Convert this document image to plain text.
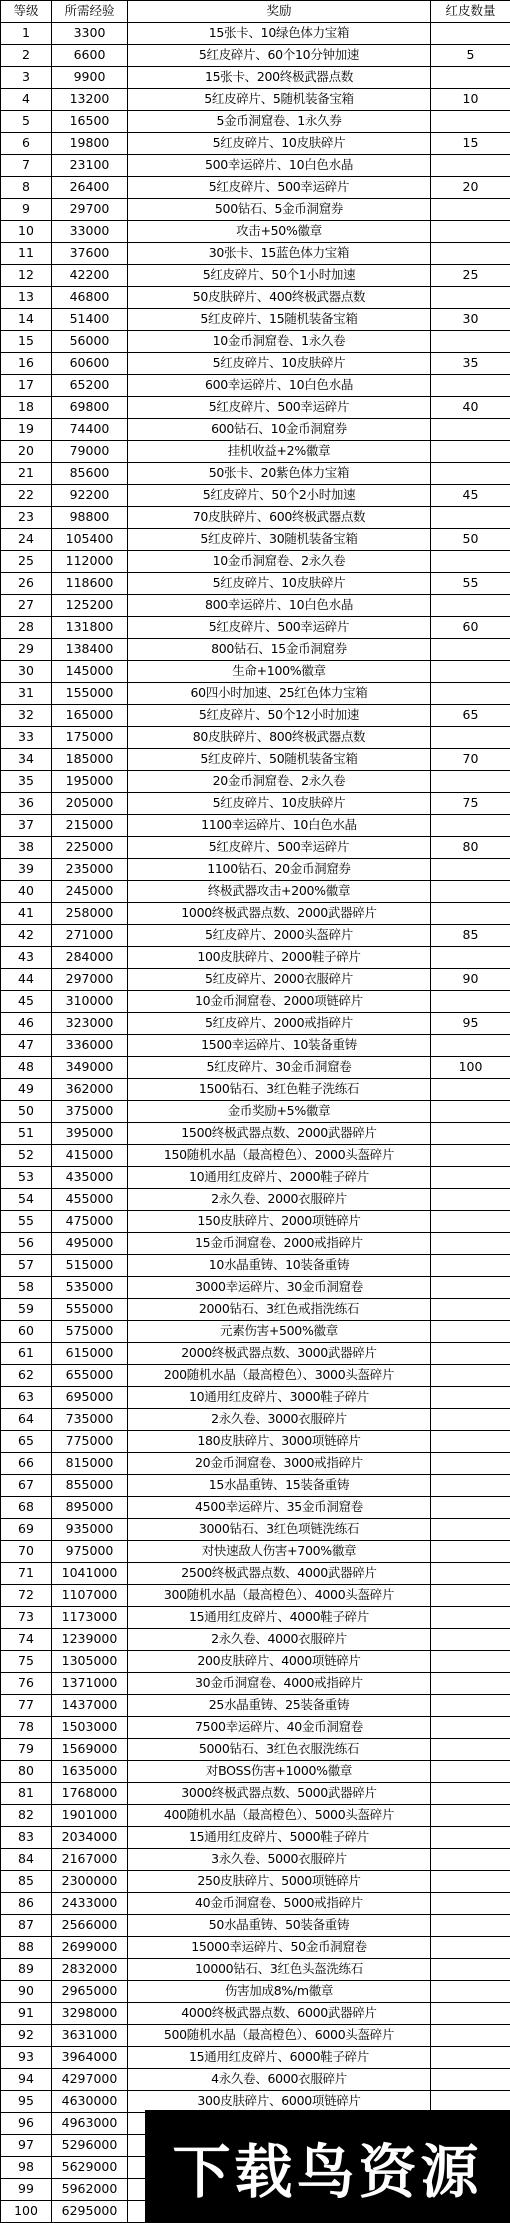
等级	所需经验	奖励	红皮数量
1	3300	15张卡、10绿色体力宝箱	
2	6600	5红皮碎片、60个10分钟加速	5
3	9900	15张卡、200终极武器点数	
4	13200	5红皮碎片、5随机装备宝箱	10
5	16500	5金币洞窟卷、1永久券	
6	19800	5红皮碎片、10皮肤碎片	15
7	23100	500幸运碎片、10白色水晶	
8	26400	5红皮碎片、500幸运碎片	20
9	29700	500钻石、5金币洞窟券	
10	33000	攻击+50%徽章	
11	37600	30张卡、15蓝色体力宝箱	
12	42200	5红皮碎片、50个1小时加速	25
13	46800	50皮肤碎片、400终极武器点数	
14	51400	5红皮碎片、15随机装备宝箱	30
15	56000	10金币洞窟卷、1永久卷	
16	60600	5红皮碎片、10皮肤碎片	35
17	65200	600幸运碎片、10白色水晶	
18	69800	5红皮碎片、500幸运碎片	40
19	74400	600钻石、10金币洞窟券	
20	79000	挂机收益+2%徽章	
21	85600	50张卡、20紫色体力宝箱	
22	92200	5红皮碎片、50个2小时加速	45
23	98800	70皮肤碎片、600终极武器点数	
24	105400	5红皮碎片、30随机装备宝箱	50
25	112000	10金币洞窟卷、2永久卷	
26	118600	5红皮碎片、10皮肤碎片	55
27	125200	800幸运碎片、10白色水晶	
28	131800	5红皮碎片、500幸运碎片	60
29	138400	800钻石、15金币洞窟券	
30	145000	生命+100%徽章	
31	155000	60四小时加速、25红色体力宝箱	
32	165000	5红皮碎片、50个12小时加速	65
33	175000	80皮肤碎片、800终极武器点数	
34	185000	5红皮碎片、50随机装备宝箱	70
35	195000	20金币洞窟卷、2永久卷	
36	205000	5红皮碎片、10皮肤碎片	75
37	215000	1100幸运碎片、10白色水晶	
38	225000	5红皮碎片、500幸运碎片	80
39	235000	1100钻石、20金币洞窟券	
40	245000	终极武器攻击+200%徽章	
41	258000	1000终极武器点数、2000武器碎片	
42	271000	5红皮碎片、2000头盔碎片	85
43	284000	100皮肤碎片、2000鞋子碎片	
44	297000	5红皮碎片、2000衣服碎片	90
45	310000	10金币洞窟卷、2000项链碎片	
46	323000	5红皮碎片、2000戒指碎片	95
47	336000	1500幸运碎片、10装备重铸	
48	349000	5红皮碎片、30金币洞窟卷	100
49	362000	1500钻石、3红色鞋子洗练石	
50	375000	金币奖励+5%徽章	
51	395000	1500终极武器点数、2000武器碎片	
52	415000	150随机水晶（最高橙色）、2000头盔碎片	
53	435000	10通用红皮碎片、2000鞋子碎片	
54	455000	2永久卷、2000衣服碎片	
55	475000	150皮肤碎片、2000项链碎片	
56	495000	15金币洞窟卷、2000戒指碎片	
57	515000	10水晶重铸、10装备重铸	
58	535000	3000幸运碎片、30金币洞窟卷	
59	555000	2000钻石、3红色戒指洗练石	
60	575000	元素伤害+500%徽章	
61	615000	2000终极武器点数、3000武器碎片	
62	655000	200随机水晶（最高橙色）、3000头盔碎片	
63	695000	10通用红皮碎片、3000鞋子碎片	
64	735000	2永久卷、3000衣服碎片	
65	775000	180皮肤碎片、3000项链碎片	
66	815000	20金币洞窟卷、3000戒指碎片	
67	855000	15水晶重铸、15装备重铸	
68	895000	4500幸运碎片、35金币洞窟卷	
69	935000	3000钻石、3红色项链洗练石	
70	975000	对快速敌人伤害+700%徽章	
71	1041000	2500终极武器点数、4000武器碎片	
72	1107000	300随机水晶（最高橙色）、4000头盔碎片	
73	1173000	15通用红皮碎片、4000鞋子碎片	
74	1239000	2永久卷、4000衣服碎片	
75	1305000	200皮肤碎片、4000项链碎片	
76	1371000	30金币洞窟卷、4000戒指碎片	
77	1437000	25水晶重铸、25装备重铸	
78	1503000	7500幸运碎片、40金币洞窟卷	
79	1569000	5000钻石、3红色衣服洗练石	
80	1635000	对BOSS伤害+1000%徽章	
81	1768000	3000终极武器点数、5000武器碎片	
82	1901000	400随机水晶（最高橙色）、5000头盔碎片	
83	2034000	15通用红皮碎片、5000鞋子碎片	
84	2167000	3永久卷、5000衣服碎片	
85	2300000	250皮肤碎片、5000项链碎片	
86	2433000	40金币洞窟卷、5000戒指碎片	
87	2566000	50水晶重铸、50装备重铸	
88	2699000	15000幸运碎片、50金币洞窟卷	
89	2832000	10000钻石、3红色头盔洗练石	
90	2965000	伤害加成8%/m徽章	
91	3298000	4000终极武器点数、6000武器碎片	
92	3631000	500随机水晶（最高橙色）、6000头盔碎片	
93	3964000	15通用红皮碎片、6000鞋子碎片	
94	4297000	4永久卷、6000衣服碎片	
95	4630000	300皮肤碎片、6000项链碎片	
96	4963000		
97	5296000		
98	5629000		
99	5962000		
100	6295000		
下载鸟资源
